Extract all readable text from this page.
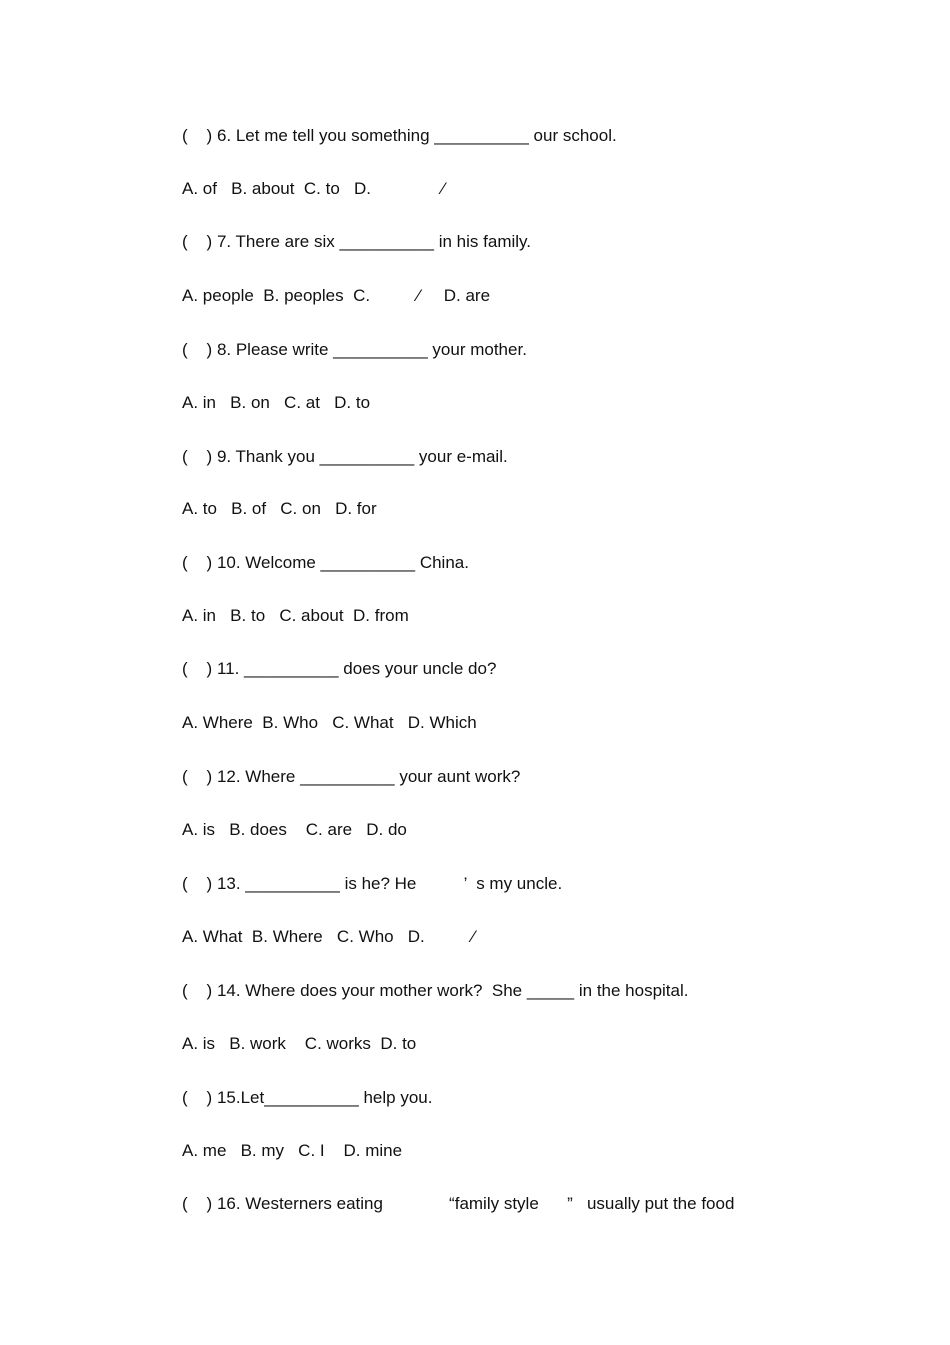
(    ) 6. Let me tell you something __________ our school.
A. of   B. about  C. to   D.               ⁄
(    ) 7. There are six __________ in his family.
A. people  B. peoples  C.          ⁄     D. are
(    ) 8. Please write __________ your mother.
A. in   B. on   C. at   D. to
(    ) 9. Thank you __________ your e-mail.
A. to   B. of   C. on   D. for
(    ) 10. Welcome __________ China.
A. in   B. to   C. about  D. from
(    ) 11. __________ does your uncle do?
A. Where  B. Who   C. What   D. Which
(    ) 12. Where __________ your aunt work?
A. is   B. does    C. are   D. do
(    ) 13. __________ is he? He          ’  s my uncle.
A. What  B. Where   C. Who   D.          ⁄
(    ) 14. Where does your mother work?  She _____ in the hospital.
A. is   B. work    C. works  D. to
(    ) 15.Let__________ help you.
A. me   B. my   C. I    D. mine
(    ) 16. Westerners eating              “family style      ”   usually put the food
